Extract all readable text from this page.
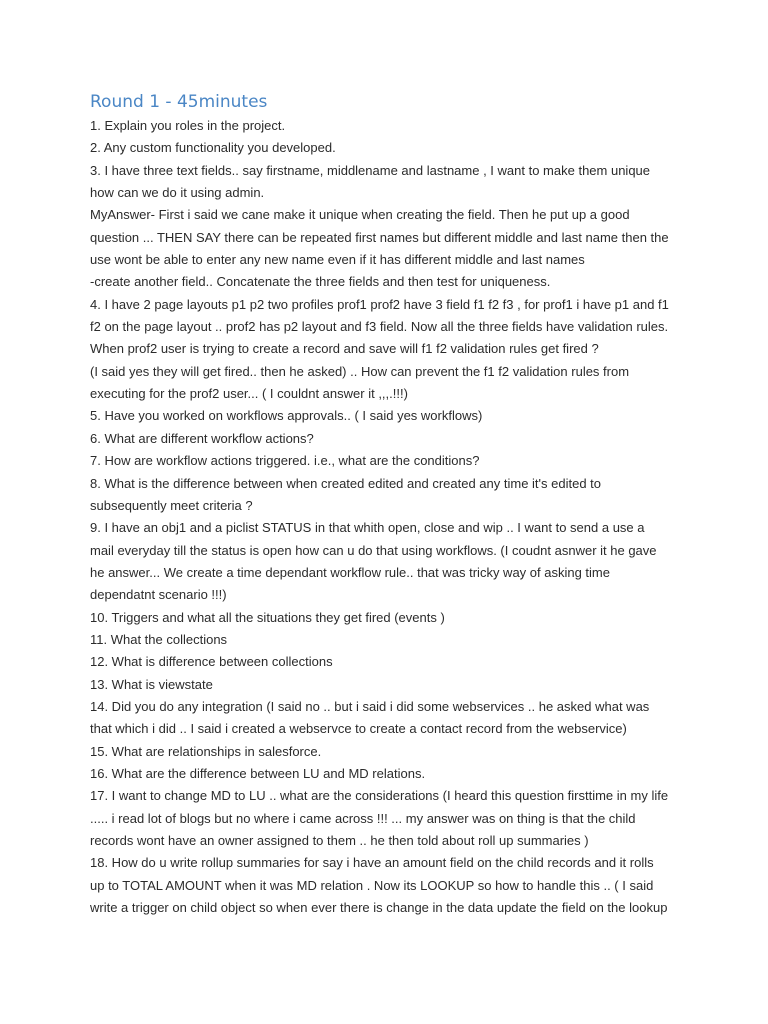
Round 1 - 45minutes
1. Explain you roles in the project.
2. Any custom functionality you developed.
3. I have three text fields.. say firstname, middlename and lastname , I want to make them unique
how can we do it using admin.
MyAnswer- First i said we cane make it unique when creating the field. Then he put up a good
question ... THEN SAY there can be repeated first names but different middle and last name then the
use wont be able to enter any new name even if it has different middle and last names
-create another field.. Concatenate the three fields and then test for uniqueness.
4. I have 2 page layouts p1 p2 two profiles prof1 prof2 have 3 field f1 f2 f3 , for prof1 i have p1 and f1
f2 on the page layout .. prof2 has p2 layout and f3 field. Now all the three fields have validation rules.
When prof2 user is trying to create a record and save will f1 f2 validation rules get fired ?
(I said yes they will get fired.. then he asked) .. How can prevent the f1 f2 validation rules from
executing for the prof2 user... ( I couldnt answer it ,,,.!!!)
5. Have you worked on workflows approvals.. ( I said yes workflows)
6. What are different workflow actions?
7. How are workflow actions triggered. i.e., what are the conditions?
8. What is the difference between when created edited and created any time it's edited to
subsequently meet criteria ?
9. I have an obj1 and a piclist STATUS in that whith open, close and wip .. I want to send a use a
mail everyday till the status is open how can u do that using workflows. (I coudnt asnwer it he gave
he answer... We create a time dependant workflow rule.. that was tricky way of asking time
dependatnt scenario !!!)
10. Triggers and what all the situations they get fired (events )
11. What the collections
12. What is difference between collections
13. What is viewstate
14. Did you do any integration (I said no .. but i said i did some webservices .. he asked what was
that which i did .. I said i created a webservce to create a contact record from the webservice)
15. What are relationships in salesforce.
16. What are the difference between LU and MD relations.
17. I want to change MD to LU .. what are the considerations (I heard this question firsttime in my life
..... i read lot of blogs but no where i came across !!! ... my answer was on thing is that the child
records wont have an owner assigned to them .. he then told about roll up summaries )
18. How do u write rollup summaries for say i have an amount field on the child records and it rolls
up to TOTAL AMOUNT when it was MD relation . Now its LOOKUP so how to handle this .. ( I said
write a trigger on child object so when ever there is change in the data update the field on the lookup
